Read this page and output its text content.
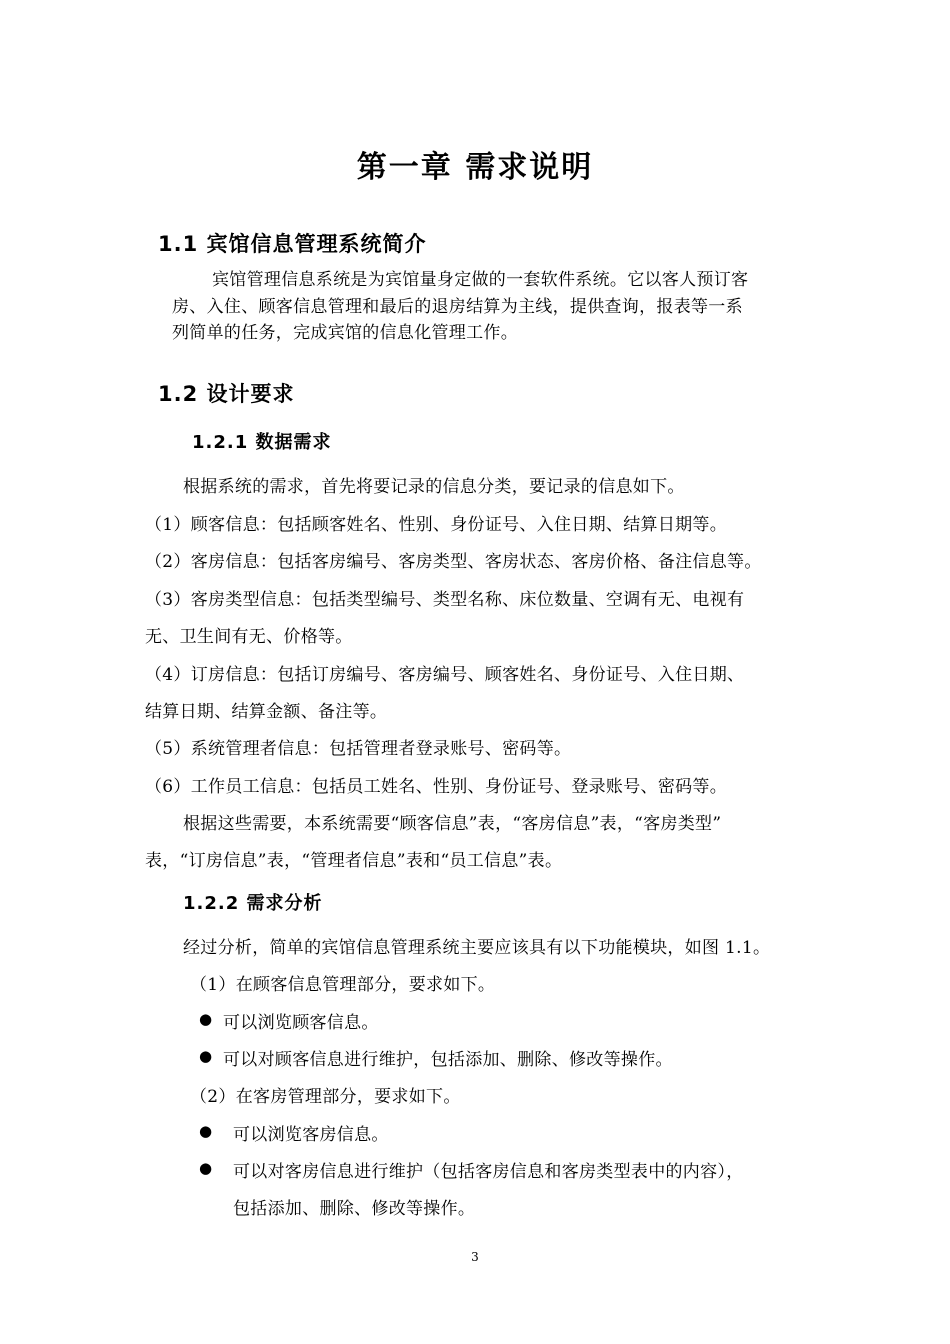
第一章 需求说明
1.1 宾馆信息管理系统简介
宾馆管理信息系统是为宾馆量身定做的一套软件系统。它以客人预订客
房、入住、顾客信息管理和最后的退房结算为主线，提供查询，报表等一系
列简单的任务，完成宾馆的信息化管理工作。
1.2 设计要求
1.2.1 数据需求
根据系统的需求，首先将要记录的信息分类，要记录的信息如下。
（1）顾客信息：包括顾客姓名、性别、身份证号、入住日期、结算日期等。
（2）客房信息：包括客房编号、客房类型、客房状态、客房价格、备注信息等。
（3）客房类型信息：包括类型编号、类型名称、床位数量、空调有无、电视有
无、卫生间有无、价格等。
（4）订房信息：包括订房编号、客房编号、顾客姓名、身份证号、入住日期、
结算日期、结算金额、备注等。
（5）系统管理者信息：包括管理者登录账号、密码等。
（6）工作员工信息：包括员工姓名、性别、身份证号、登录账号、密码等。
根据这些需要，本系统需要“顾客信息”表，“客房信息”表，“客房类型”
表，“订房信息”表，“管理者信息”表和“员工信息”表。
1.2.2 需求分析
经过分析，简单的宾馆信息管理系统主要应该具有以下功能模块，如图 1.1。
（1）在顾客信息管理部分，要求如下。
● 可以浏览顾客信息。
● 可以对顾客信息进行维护，包括添加、删除、修改等操作。
（2）在客房管理部分，要求如下。
● 可以浏览客房信息。
● 可以对客房信息进行维护（包括客房信息和客房类型表中的内容），
包括添加、删除、修改等操作。
3
